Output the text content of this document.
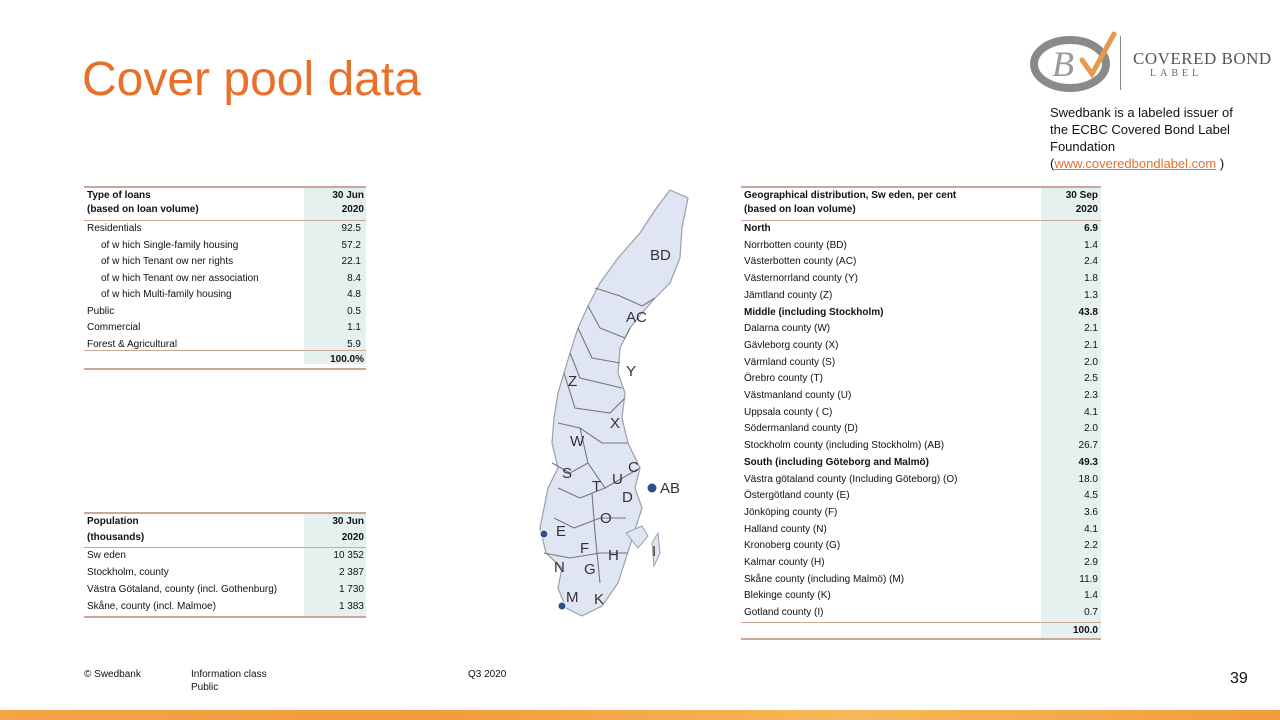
Cover pool data	B	COVERED BOND
LABEL
Swedbank is a labeled issuer of the ECBC Covered Bond Label Foundation
(www.coveredbondlabel.com )
Type of loans	30 Jun
(based on loan volume)	2020
Residentials	92.5
of w hich Single-family housing	57.2
of w hich Tenant ow ner rights	22.1
of w hich Tenant ow ner association	8.4
of w hich Multi-family housing	4.8
Public	0.5
Commercial	1.1
Forest & Agricultural	5.9
100.0%
Population	30 Jun
(thousands)	2020
Sw eden	10 352
Stockholm, county	2 387
Västra Götaland, county (incl. Gothenburg)	1 730
Skåne, county (incl. Malmoe)	1 383
Geographical distribution, Sw eden, per cent	30 Sep
(based on loan volume)	2020
North	6.9
Norrbotten county (BD)	1.4
Västerbotten county (AC)	2.4
Västernorrland county (Y)	1.8
Jämtland county (Z)	1.3
Middle (including Stockholm)	43.8
Dalarna county (W)	2.1
Gävleborg county (X)	2.1
Värmland county (S)	2.0
Örebro county (T)	2.5
Västmanland county (U)	2.3
Uppsala county ( C)	4.1
Södermanland county (D)	2.0
Stockholm county (including Stockholm) (AB)	26.7
South (including Göteborg and Malmö)	49.3
Västra götaland county (Including Göteborg) (O)	18.0
Östergötland county (E)	4.5
Jönköping county (F)	3.6
Halland county (N)	4.1
Kronoberg county (G)	2.2
Kalmar county (H)	2.9
Skåne county (including Malmö) (M)	11.9
Blekinge county (K)	1.4
Gotland county (I)	0.7
100.0
BD
AC
Z
Y
X
W
S
T U
C
AB
D
O
E
F
N G
H I
M K
© Swedbank	Information class
Public
Q3 2020	39
